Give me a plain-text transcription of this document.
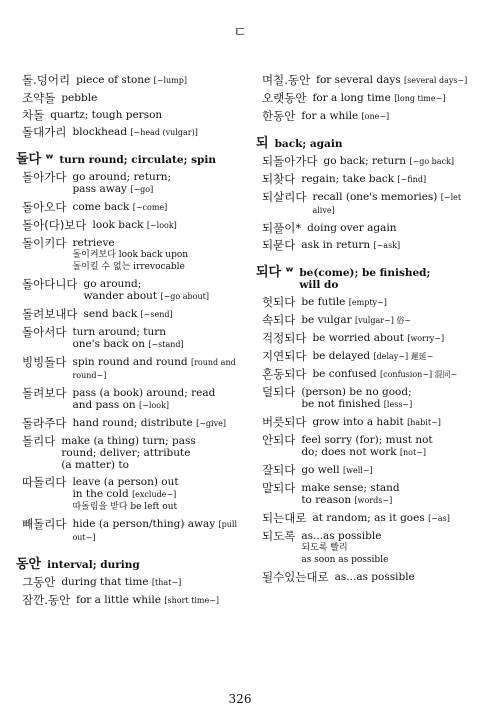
ㄷ
돌.덩어리 piece of stone [~lump]
조약돌 pebble
차돌 quartz; tough person
돌대가리 blockhead [~head (vulgar)]
돌다 ʷ turn round; circulate; spin
돌아가다 go around; return;
pass away [~go]
돌아오다 come back [~come]
돌아(다)보다 look back [~look]
돌이키다 retrieve
돌이켜보다 look back upon
돌이킬 수 없는 irrevocable
돌아다니다 go around;
wander about [~go about]
돌려보내다 send back [~send]
돌아서다 turn around; turn
one's back on [~stand]
빙빙돌다 spin round and round [round and round~]
돌려보다 pass (a book) around; read
and pass on [~look]
돌라주다 hand round; distribute [~give]
돌리다 make (a thing) turn; pass
round; deliver; attribute
(a matter) to
따돌리다 leave (a person) out
in the cold [exclude~]
따돌림을 받다 be left out
빼돌리다 hide (a person/thing) away [pull out~]
동안 interval; during
그동안 during that time [that~]
잠깐.동안 for a little while [short time~]
며칠.동안 for several days [several days~]
오랫동안 for a long time [long time~]
한동안 for a while [one~]
되 back; again
되돌아가다 go back; return [~go back]
되찾다 regain; take back [~find]
되살리다 recall (one's memories) [~let alive]
되풀이* doing over again
되묻다 ask in return [~ask]
되다 ʷ be(come); be finished;
will do
헛되다 be futile [empty~]
속되다 be vulgar [vulgar~] 俗~
걱정되다 be worried about [worry~]
지연되다 be delayed [delay~] 遲延~
혼동되다 be confused [confusion~] 混同~
덜되다 (person) be no good;
be not finished [less~]
버릇되다 grow into a habit [habit~]
안되다 feel sorry (for); must not
do; does not work [not~]
잘되다 go well [well~]
말되다 make sense; stand
to reason [words~]
되는대로 at random; as it goes [~as]
되도록 as...as possible
되도록 빨리
as soon as possible
될수있는대로 as...as possible
326
